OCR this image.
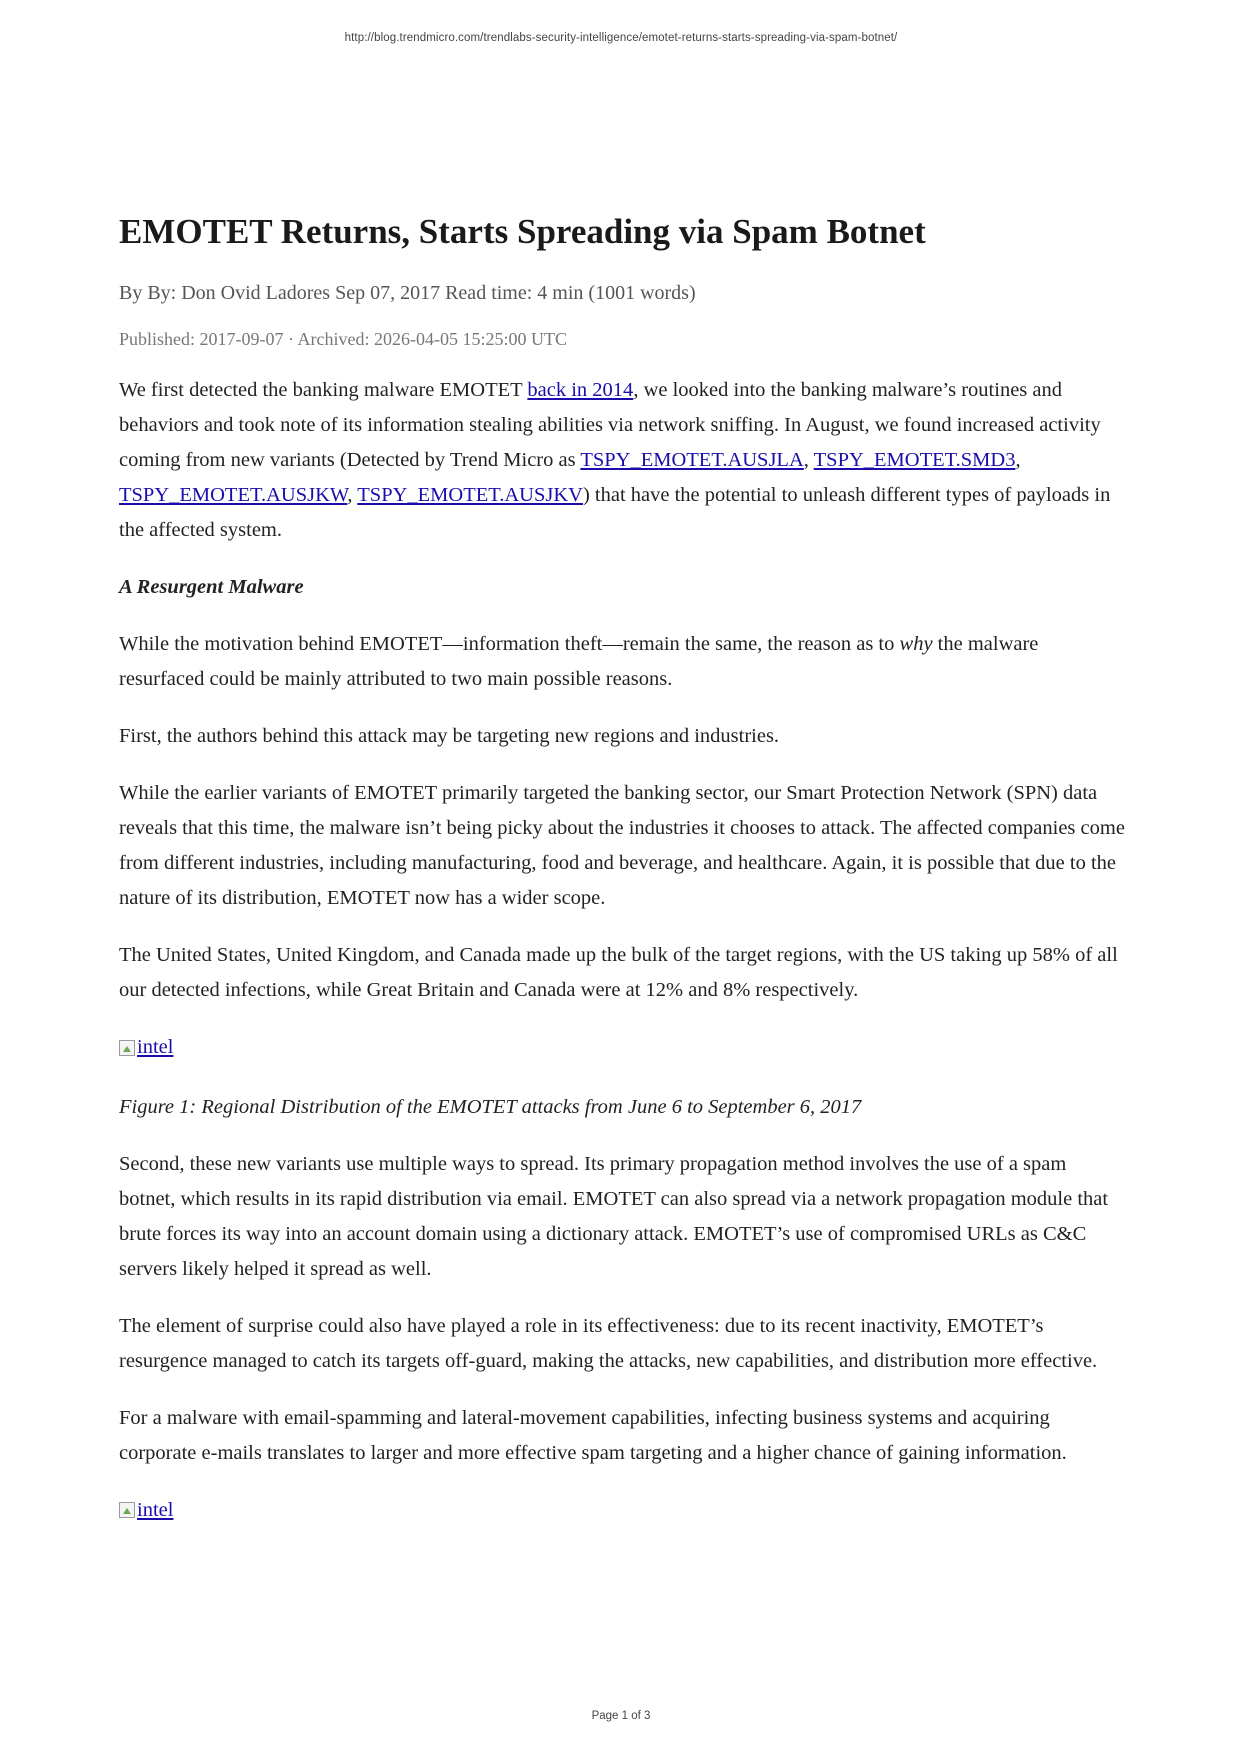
http://blog.trendmicro.com/trendlabs-security-intelligence/emotet-returns-starts-spreading-via-spam-botnet/
EMOTET Returns, Starts Spreading via Spam Botnet
By By: Don Ovid Ladores Sep 07, 2017 Read time: 4 min (1001 words)
Published: 2017-09-07 · Archived: 2026-04-05 15:25:00 UTC

We first detected the banking malware EMOTET back in 2014, we looked into the banking malware’s routines and behaviors and took note of its information stealing abilities via network sniffing. In August, we found increased activity coming from new variants (Detected by Trend Micro as TSPY_EMOTET.AUSJLA, TSPY_EMOTET.SMD3, TSPY_EMOTET.AUSJKW, TSPY_EMOTET.AUSJKV) that have the potential to unleash different types of payloads in the affected system.

A Resurgent Malware

While the motivation behind EMOTET—information theft—remain the same, the reason as to why the malware resurfaced could be mainly attributed to two main possible reasons.

First, the authors behind this attack may be targeting new regions and industries.

While the earlier variants of EMOTET primarily targeted the banking sector, our Smart Protection Network (SPN) data reveals that this time, the malware isn’t being picky about the industries it chooses to attack. The affected companies come from different industries, including manufacturing, food and beverage, and healthcare. Again, it is possible that due to the nature of its distribution, EMOTET now has a wider scope.

The United States, United Kingdom, and Canada made up the bulk of the target regions, with the US taking up 58% of all our detected infections, while Great Britain and Canada were at 12% and 8% respectively.

intel

Figure 1: Regional Distribution of the EMOTET attacks from June 6 to September 6, 2017

Second, these new variants use multiple ways to spread. Its primary propagation method involves the use of a spam botnet, which results in its rapid distribution via email. EMOTET can also spread via a network propagation module that brute forces its way into an account domain using a dictionary attack. EMOTET’s use of compromised URLs as C&C servers likely helped it spread as well.

The element of surprise could also have played a role in its effectiveness: due to its recent inactivity, EMOTET’s resurgence managed to catch its targets off-guard, making the attacks, new capabilities, and distribution more effective.

For a malware with email-spamming and lateral-movement capabilities, infecting business systems and acquiring corporate e-mails translates to larger and more effective spam targeting and a higher chance of gaining information.

intel

Page 1 of 3
